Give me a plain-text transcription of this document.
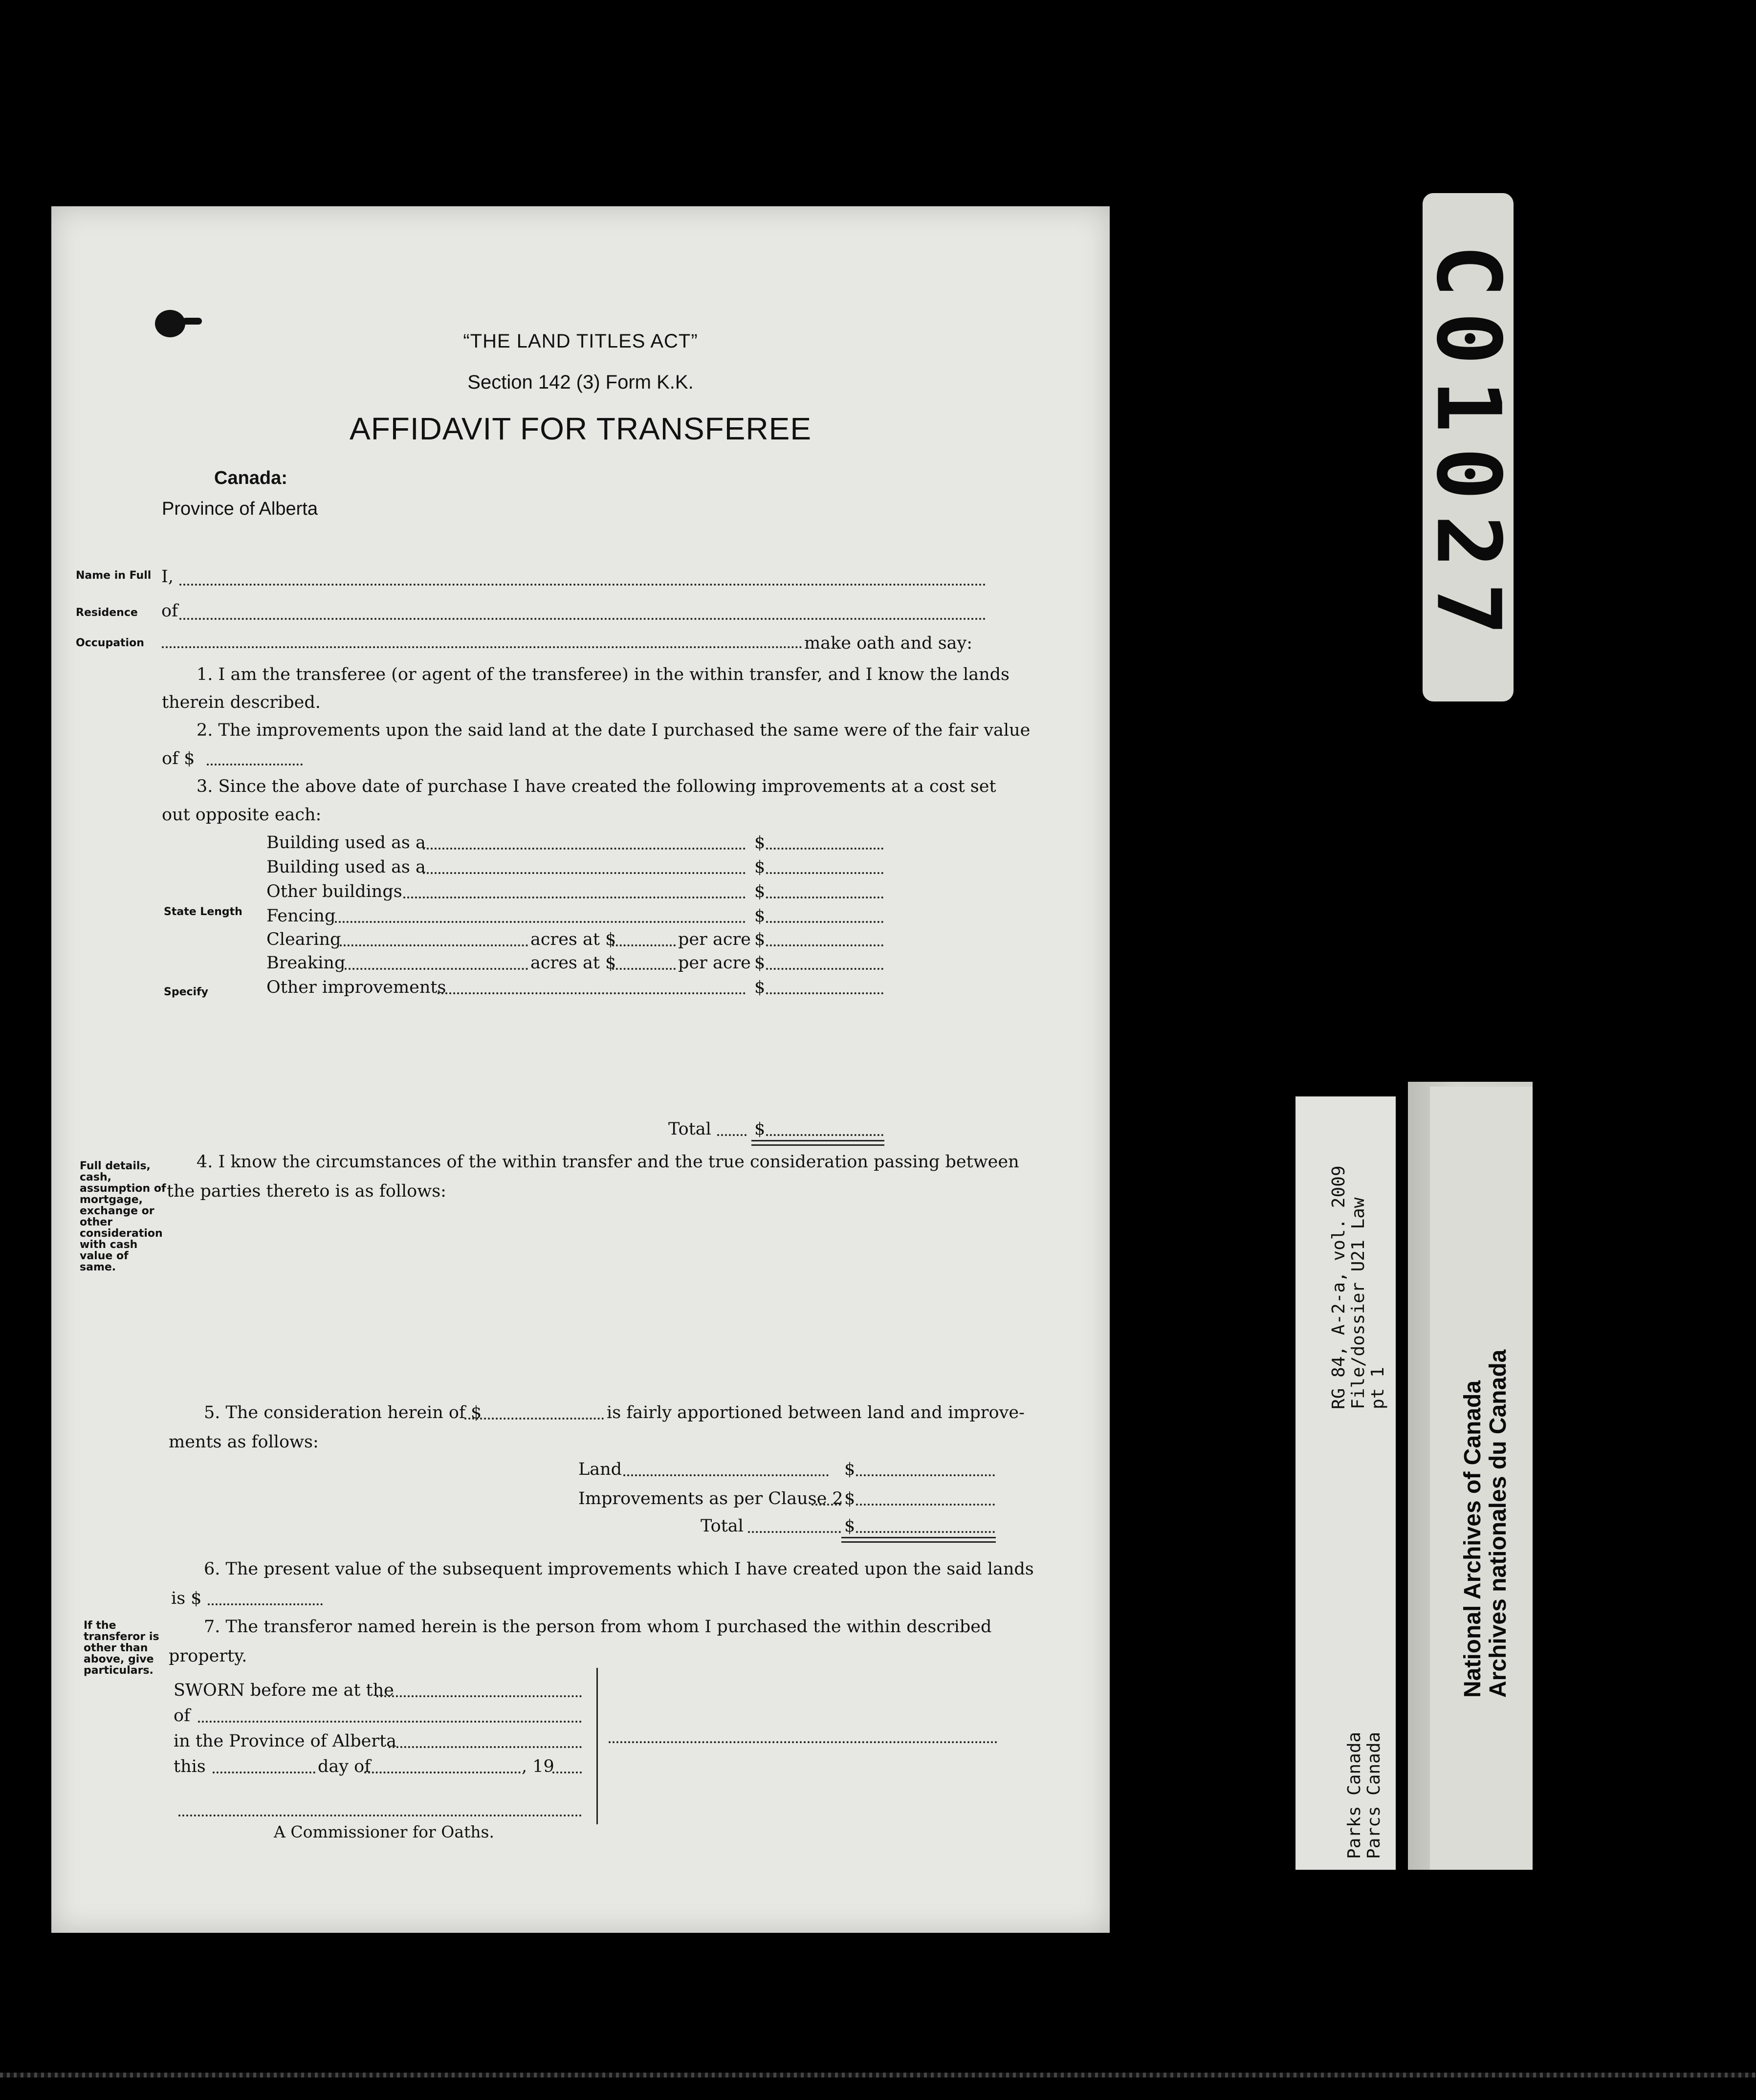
“THE LAND TITLES ACT”
Section 142 (3) Form K.K.
AFFIDAVIT FOR TRANSFEREE
Canada:
Province of Alberta
Name in Full I,
Residence of
Occupation	make oath and say:
1. I am the transferee (or agent of the transferee) in the within transfer, and I know the lands
therein described.
2. The improvements upon the said land at the date I purchased the same were of the fair value
of $
3. Since the above date of purchase I have created the following improvements at a cost set
out opposite each:
Building used as a	$
Building used as a	$
Other buildings	$
State Length Fencing	$
Clearing	acres at $	per acre $
Breaking	acres at $	per acre $
Specify	Other improvements	$
Total	$
Full details, cash, assumption of mortgage, exchange or other consideration with cash value of same.
4. I know the circumstances of the within transfer and the true consideration passing between
the parties thereto is as follows:
5. The consideration herein of $	is fairly apportioned between land and improve-
ments as follows:
Land	$
Improvements as per Clause 2 $
Total	$
6. The present value of the subsequent improvements which I have created upon the said lands
is $
If the transferor is other than above, give particulars.
7. The transferor named herein is the person from whom I purchased the within described
property.
SWORN before me at the
of
in the Province of Alberta
this	day of	, 19
A Commissioner for Oaths.
C01027
RG 84, A-2-a, vol. 2009 File/dossier U21 Law pt 1
Parks Canada Parcs Canada
National Archives of Canada Archives nationales du Canada
